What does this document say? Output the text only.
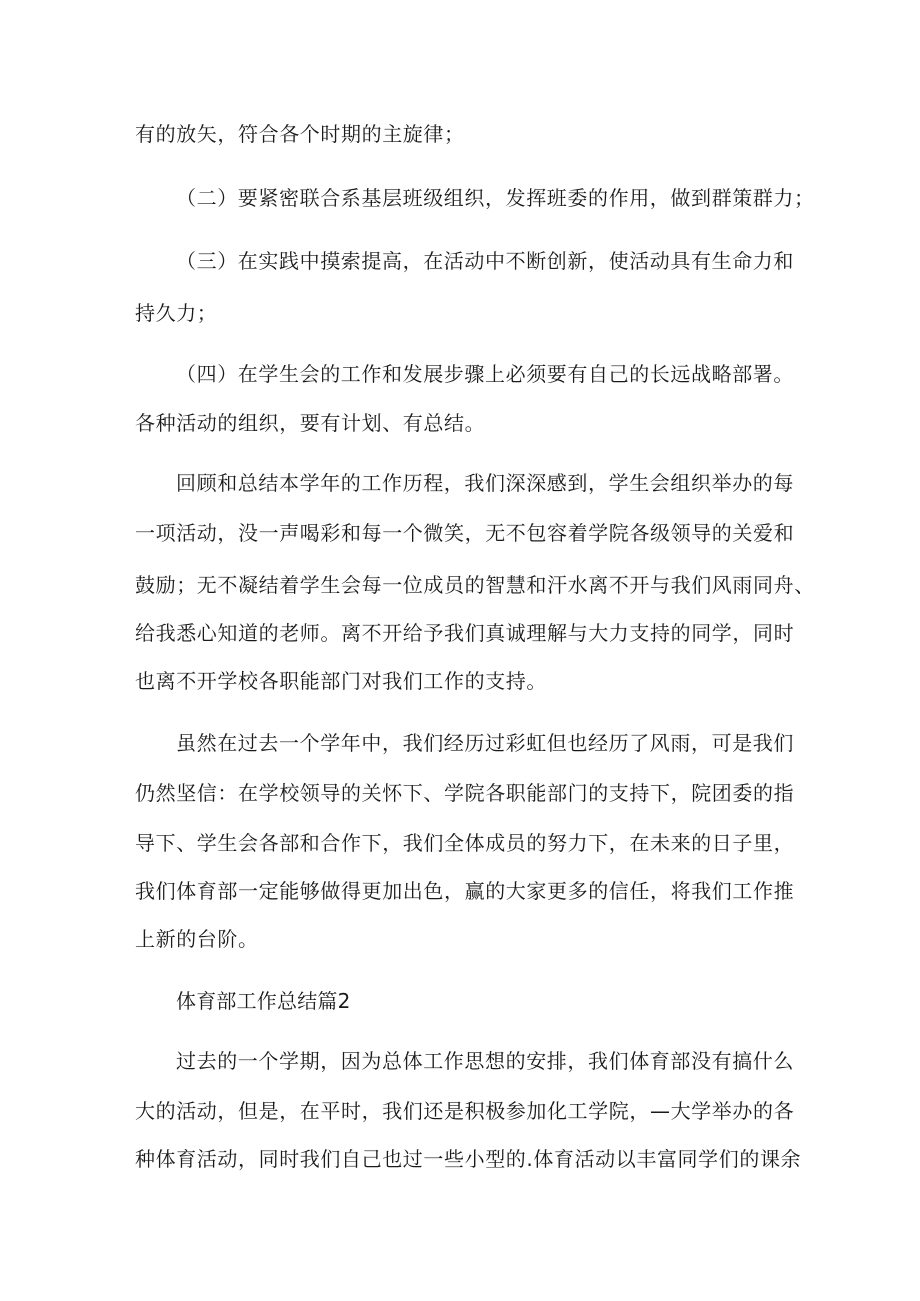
有的放矢，符合各个时期的主旋律；
（二）要紧密联合系基层班级组织，发挥班委的作用，做到群策群力；
（三）在实践中摸索提高，在活动中不断创新，使活动具有生命力和
持久力；
（四）在学生会的工作和发展步骤上必须要有自己的长远战略部署。
各种活动的组织，要有计划、有总结。
回顾和总结本学年的工作历程，我们深深感到，学生会组织举办的每
一项活动，没一声喝彩和每一个微笑，无不包容着学院各级领导的关爱和
鼓励；无不凝结着学生会每一位成员的智慧和汗水离不开与我们风雨同舟、
给我悉心知道的老师。离不开给予我们真诚理解与大力支持的同学，同时
也离不开学校各职能部门对我们工作的支持。
虽然在过去一个学年中，我们经历过彩虹但也经历了风雨，可是我们
仍然坚信：在学校领导的关怀下、学院各职能部门的支持下，院团委的指
导下、学生会各部和合作下，我们全体成员的努力下，在未来的日子里，
我们体育部一定能够做得更加出色，赢的大家更多的信任，将我们工作推
上新的台阶。
体育部工作总结篇2
过去的一个学期，因为总体工作思想的安排，我们体育部没有搞什么
大的活动，但是，在平时，我们还是积极参加化工学院，—大学举办的各
种体育活动，同时我们自己也过一些小型的.体育活动以丰富同学们的课余
